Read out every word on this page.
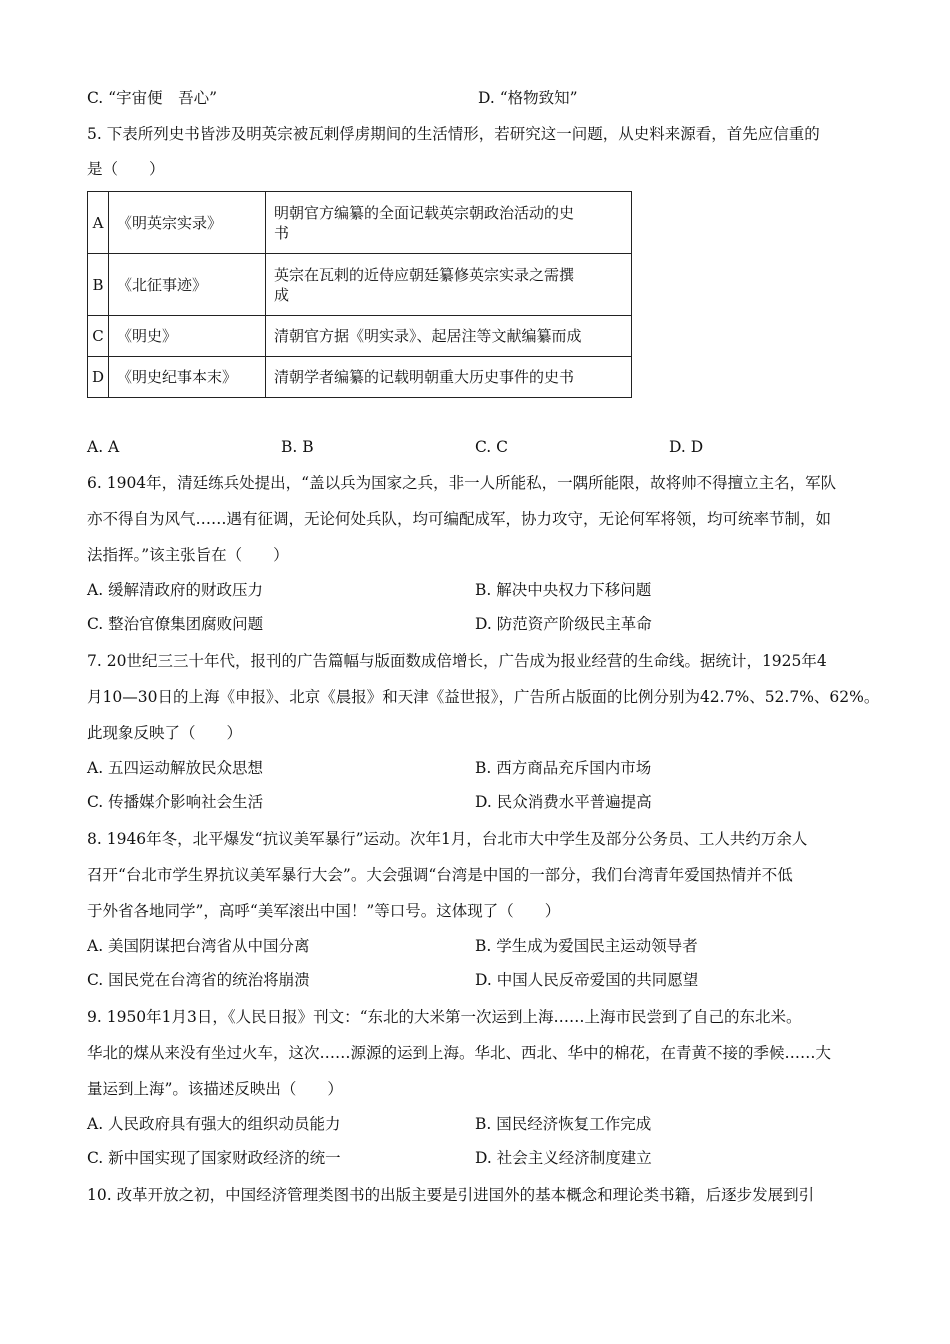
C. “宇宙便　吾心”	D. “格物致知”
5. 下表所列史书皆涉及明英宗被瓦剌俘虏期间的生活情形，若研究这一问题，从史料来源看，首先应信重的
是（　　）
A	《明英宗实录》	明朝官方编纂的全面记载英宗朝政治活动的史
书

B	《北征事迹》	英宗在瓦剌的近侍应朝廷纂修英宗实录之需撰
成

C	《明史》	清朝官方据《明实录》、起居注等文献编纂而成
D	《明史纪事本末》	清朝学者编纂的记载明朝重大历史事件的史书
A. A	B. B	C. C	D. D
6. 1904年，清廷练兵处提出，“盖以兵为国家之兵，非一人所能私，一隅所能限，故将帅不得擅立主名，军队
亦不得自为风气……遇有征调，无论何处兵队，均可编配成军，协力攻守，无论何军将领，均可统率节制，如
法指挥。”该主张旨在（　　）
A. 缓解清政府的财政压力	B. 解决中央权力下移问题
C. 整治官僚集团腐败问题	D. 防范资产阶级民主革命
7. 20世纪三三十年代，报刊的广告篇幅与版面数成倍增长，广告成为报业经营的生命线。据统计，1925年4
月10—30日的上海《申报》、北京《晨报》和天津《益世报》，广告所占版面的比例分别为42.7%、52.7%、62%。
此现象反映了（　　）
A. 五四运动解放民众思想	B. 西方商品充斥国内市场
C. 传播媒介影响社会生活	D. 民众消费水平普遍提高
8. 1946年冬，北平爆发“抗议美军暴行”运动。次年1月，台北市大中学生及部分公务员、工人共约万余人
召开“台北市学生界抗议美军暴行大会”。大会强调“台湾是中国的一部分，我们台湾青年爱国热情并不低
于外省各地同学”，高呼“美军滚出中国！”等口号。这体现了（　　）
A. 美国阴谋把台湾省从中国分离	B. 学生成为爱国民主运动领导者
C. 国民党在台湾省的统治将崩溃	D. 中国人民反帝爱国的共同愿望
9. 1950年1月3日，《人民日报》刊文：“东北的大米第一次运到上海……上海市民尝到了自己的东北米。
华北的煤从来没有坐过火车，这次……源源的运到上海。华北、西北、华中的棉花，在青黄不接的季候……大
量运到上海”。该描述反映出（　　）
A. 人民政府具有强大的组织动员能力	B. 国民经济恢复工作完成
C. 新中国实现了国家财政经济的统一	D. 社会主义经济制度建立
10. 改革开放之初，中国经济管理类图书的出版主要是引进国外的基本概念和理论类书籍，后逐步发展到引
